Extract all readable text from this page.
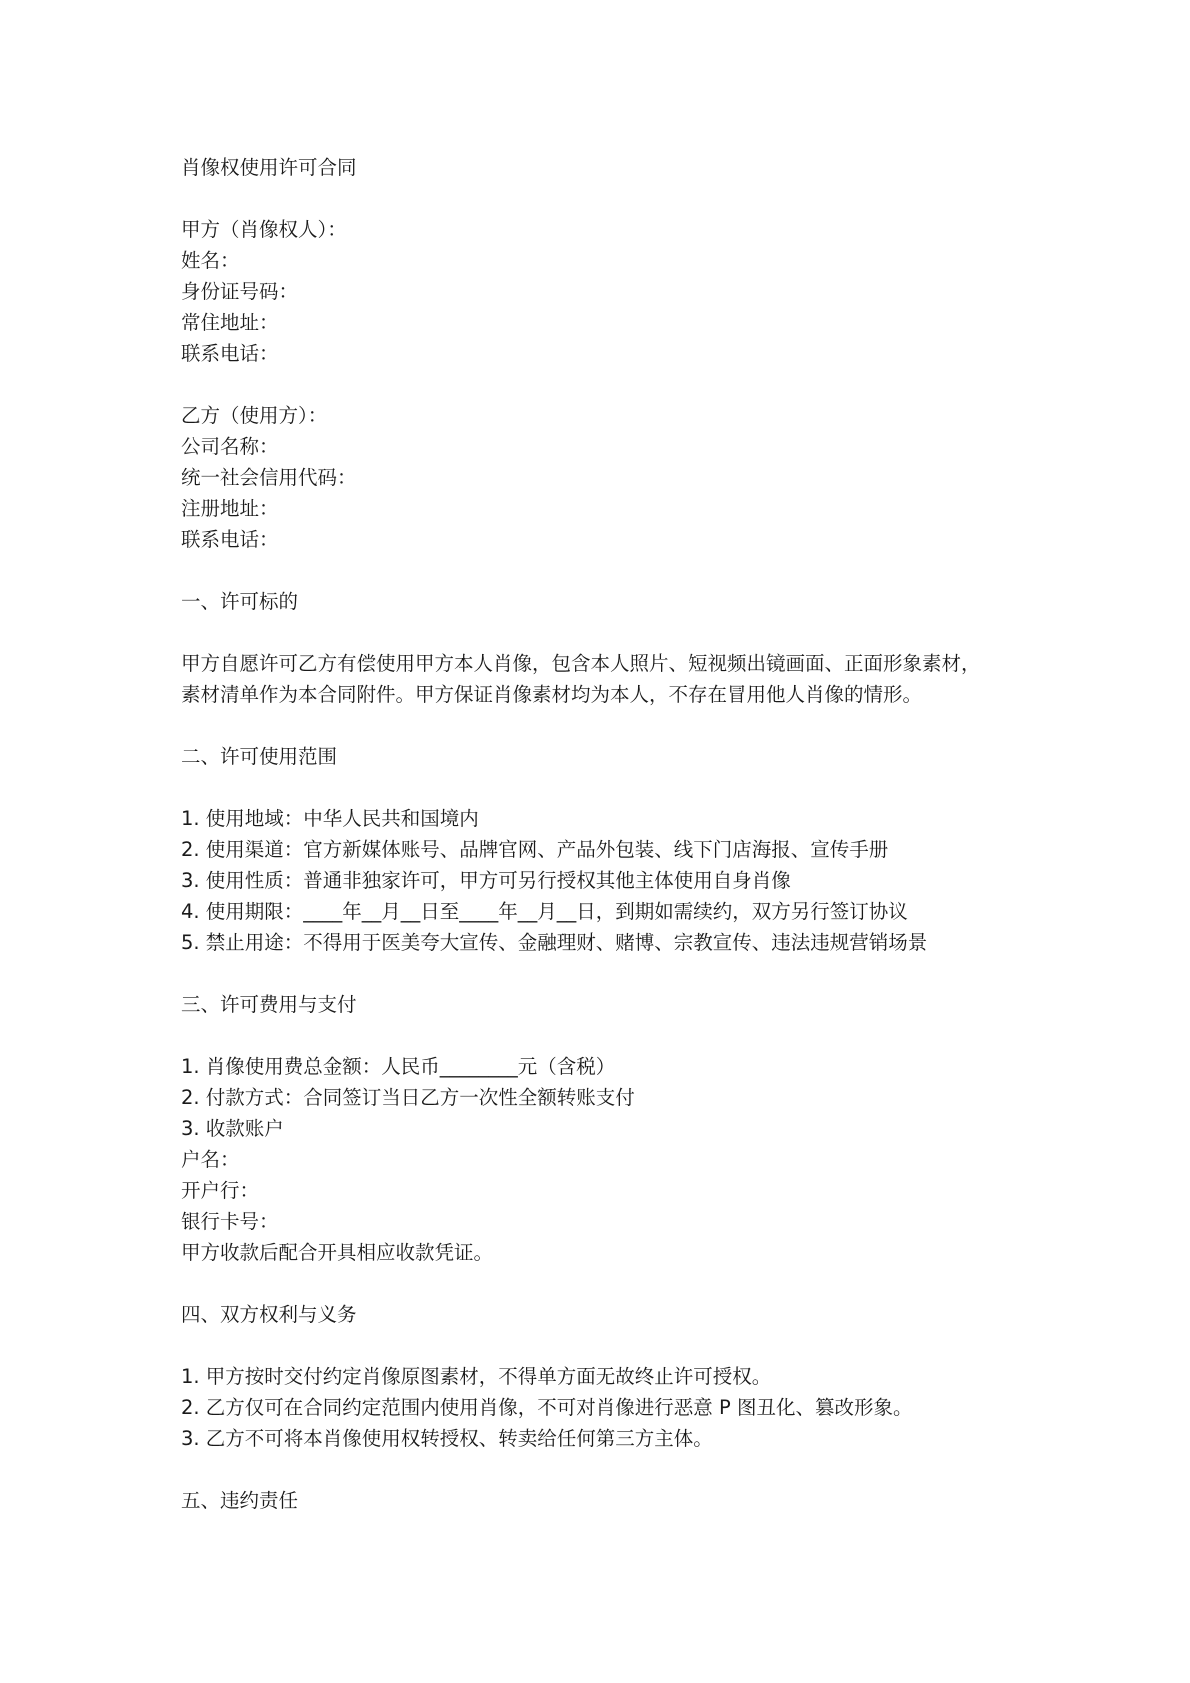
肖像权使用许可合同
甲方（肖像权人）：
姓名：
身份证号码：
常住地址：
联系电话：
乙方（使用方）：
公司名称：
统一社会信用代码：
注册地址：
联系电话：
一、许可标的
甲方自愿许可乙方有偿使用甲方本人肖像，包含本人照片、短视频出镜画面、正面形象素材，
素材清单作为本合同附件。甲方保证肖像素材均为本人，不存在冒用他人肖像的情形。
二、许可使用范围
1. 使用地域：中华人民共和国境内
2. 使用渠道：官方新媒体账号、品牌官网、产品外包装、线下门店海报、宣传手册
3. 使用性质：普通非独家许可，甲方可另行授权其他主体使用自身肖像
4. 使用期限：____年__月__日至____年__月__日，到期如需续约，双方另行签订协议
5. 禁止用途：不得用于医美夸大宣传、金融理财、赌博、宗教宣传、违法违规营销场景
三、许可费用与支付
1. 肖像使用费总金额：人民币________元（含税）
2. 付款方式：合同签订当日乙方一次性全额转账支付
3. 收款账户
户名：
开户行：
银行卡号：
甲方收款后配合开具相应收款凭证。
四、双方权利与义务
1. 甲方按时交付约定肖像原图素材，不得单方面无故终止许可授权。
2. 乙方仅可在合同约定范围内使用肖像，不可对肖像进行恶意 P 图丑化、篡改形象。
3. 乙方不可将本肖像使用权转授权、转卖给任何第三方主体。
五、违约责任
